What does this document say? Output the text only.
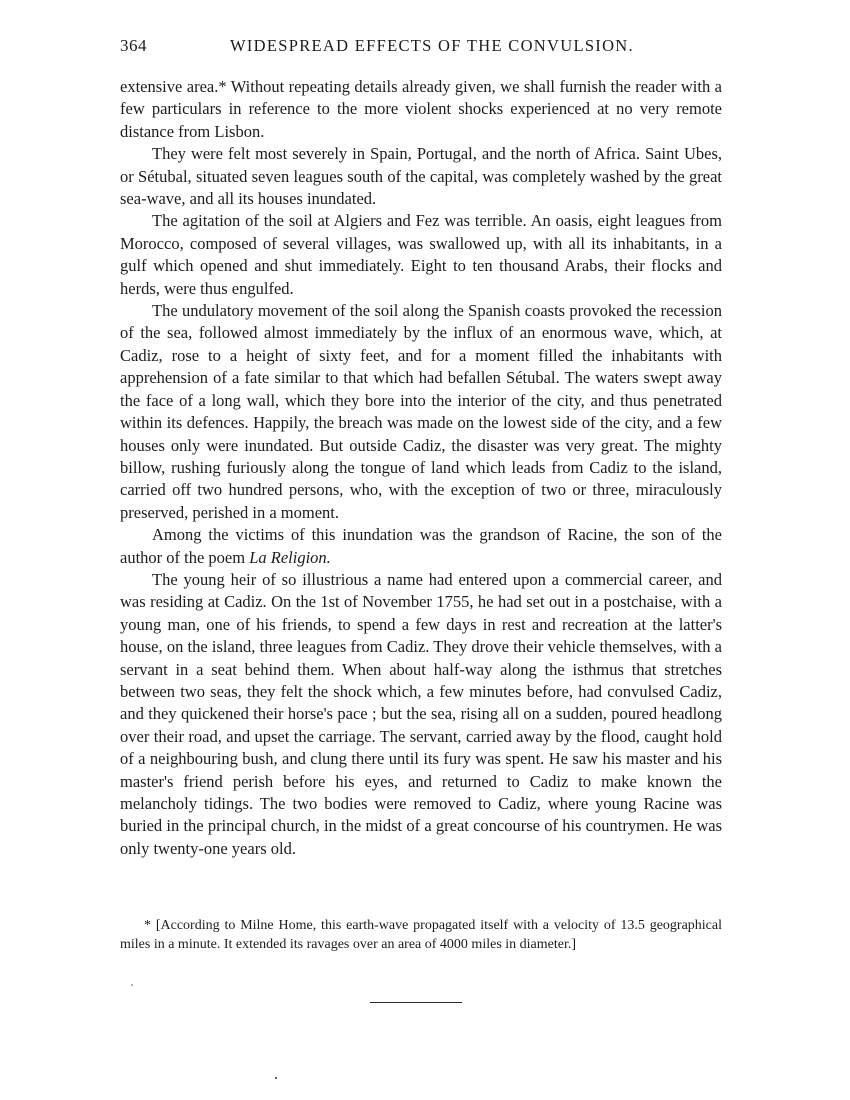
364	WIDESPREAD EFFECTS OF THE CONVULSION.

extensive area.* Without repeating details already given, we shall furnish the reader with a few particulars in reference to the more violent shocks experienced at no very remote distance from Lisbon.

They were felt most severely in Spain, Portugal, and the north of Africa. Saint Ubes, or Sétubal, situated seven leagues south of the capital, was completely washed by the great sea-wave, and all its houses inundated.

The agitation of the soil at Algiers and Fez was terrible. An oasis, eight leagues from Morocco, composed of several villages, was swallowed up, with all its inhabitants, in a gulf which opened and shut immediately. Eight to ten thousand Arabs, their flocks and herds, were thus engulfed.

The undulatory movement of the soil along the Spanish coasts provoked the recession of the sea, followed almost immediately by the influx of an enormous wave, which, at Cadiz, rose to a height of sixty feet, and for a moment filled the inhabitants with apprehension of a fate similar to that which had befallen Sétubal. The waters swept away the face of a long wall, which they bore into the interior of the city, and thus penetrated within its defences. Happily, the breach was made on the lowest side of the city, and a few houses only were inundated. But outside Cadiz, the disaster was very great. The mighty billow, rushing furiously along the tongue of land which leads from Cadiz to the island, carried off two hundred persons, who, with the exception of two or three, miraculously preserved, perished in a moment.

Among the victims of this inundation was the grandson of Racine, the son of the author of the poem La Religion.

The young heir of so illustrious a name had entered upon a commercial career, and was residing at Cadiz. On the 1st of November 1755, he had set out in a postchaise, with a young man, one of his friends, to spend a few days in rest and recreation at the latter's house, on the island, three leagues from Cadiz. They drove their vehicle themselves, with a servant in a seat behind them. When about half-way along the isthmus that stretches between two seas, they felt the shock which, a few minutes before, had convulsed Cadiz, and they quickened their horse's pace ; but the sea, rising all on a sudden, poured headlong over their road, and upset the carriage. The servant, carried away by the flood, caught hold of a neighbouring bush, and clung there until its fury was spent. He saw his master and his master's friend perish before his eyes, and returned to Cadiz to make known the melancholy tidings. The two bodies were removed to Cadiz, where young Racine was buried in the principal church, in the midst of a great concourse of his countrymen. He was only twenty-one years old.

* [According to Milne Home, this earth-wave propagated itself with a velocity of 13.5 geographical miles in a minute. It extended its ravages over an area of 4000 miles in diameter.]
